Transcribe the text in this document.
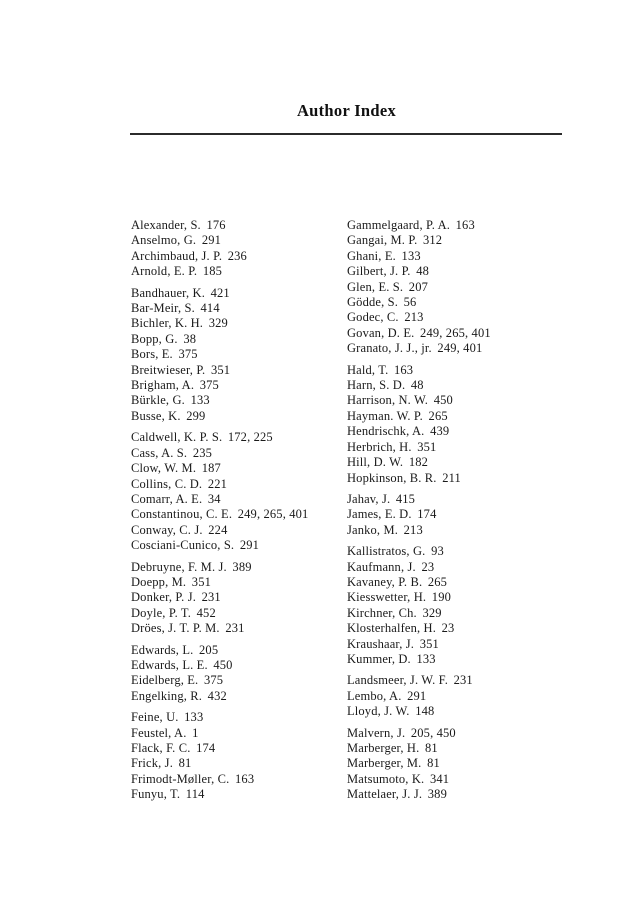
Author Index
Alexander, S. 176
Anselmo, G. 291
Archimbaud, J. P. 236
Arnold, E. P. 185
Bandhauer, K. 421
Bar-Meir, S. 414
Bichler, K. H. 329
Bopp, G. 38
Bors, E. 375
Breitwieser, P. 351
Brigham, A. 375
Bürkle, G. 133
Busse, K. 299
Caldwell, K. P. S. 172, 225
Cass, A. S. 235
Clow, W. M. 187
Collins, C. D. 221
Comarr, A. E. 34
Constantinou, C. E. 249, 265, 401
Conway, C. J. 224
Cosciani-Cunico, S. 291
Debruyne, F. M. J. 389
Doepp, M. 351
Donker, P. J. 231
Doyle, P. T. 452
Dröes, J. T. P. M. 231
Edwards, L. 205
Edwards, L. E. 450
Eidelberg, E. 375
Engelking, R. 432
Feine, U. 133
Feustel, A. 1
Flack, F. C. 174
Frick, J. 81
Frimodt-Møller, C. 163
Funyu, T. 114
Gammelgaard, P. A. 163
Gangai, M. P. 312
Ghani, E. 133
Gilbert, J. P. 48
Glen, E. S. 207
Gödde, S. 56
Godec, C. 213
Govan, D. E. 249, 265, 401
Granato, J. J., jr. 249, 401
Hald, T. 163
Harn, S. D. 48
Harrison, N. W. 450
Hayman. W. P. 265
Hendrischk, A. 439
Herbrich, H. 351
Hill, D. W. 182
Hopkinson, B. R. 211
Jahav, J. 415
James, E. D. 174
Janko, M. 213
Kallistratos, G. 93
Kaufmann, J. 23
Kavaney, P. B. 265
Kiesswetter, H. 190
Kirchner, Ch. 329
Klosterhalfen, H. 23
Kraushaar, J. 351
Kummer, D. 133
Landsmeer, J. W. F. 231
Lembo, A. 291
Lloyd, J. W. 148
Malvern, J. 205, 450
Marberger, H. 81
Marberger, M. 81
Matsumoto, K. 341
Mattelaer, J. J. 389
